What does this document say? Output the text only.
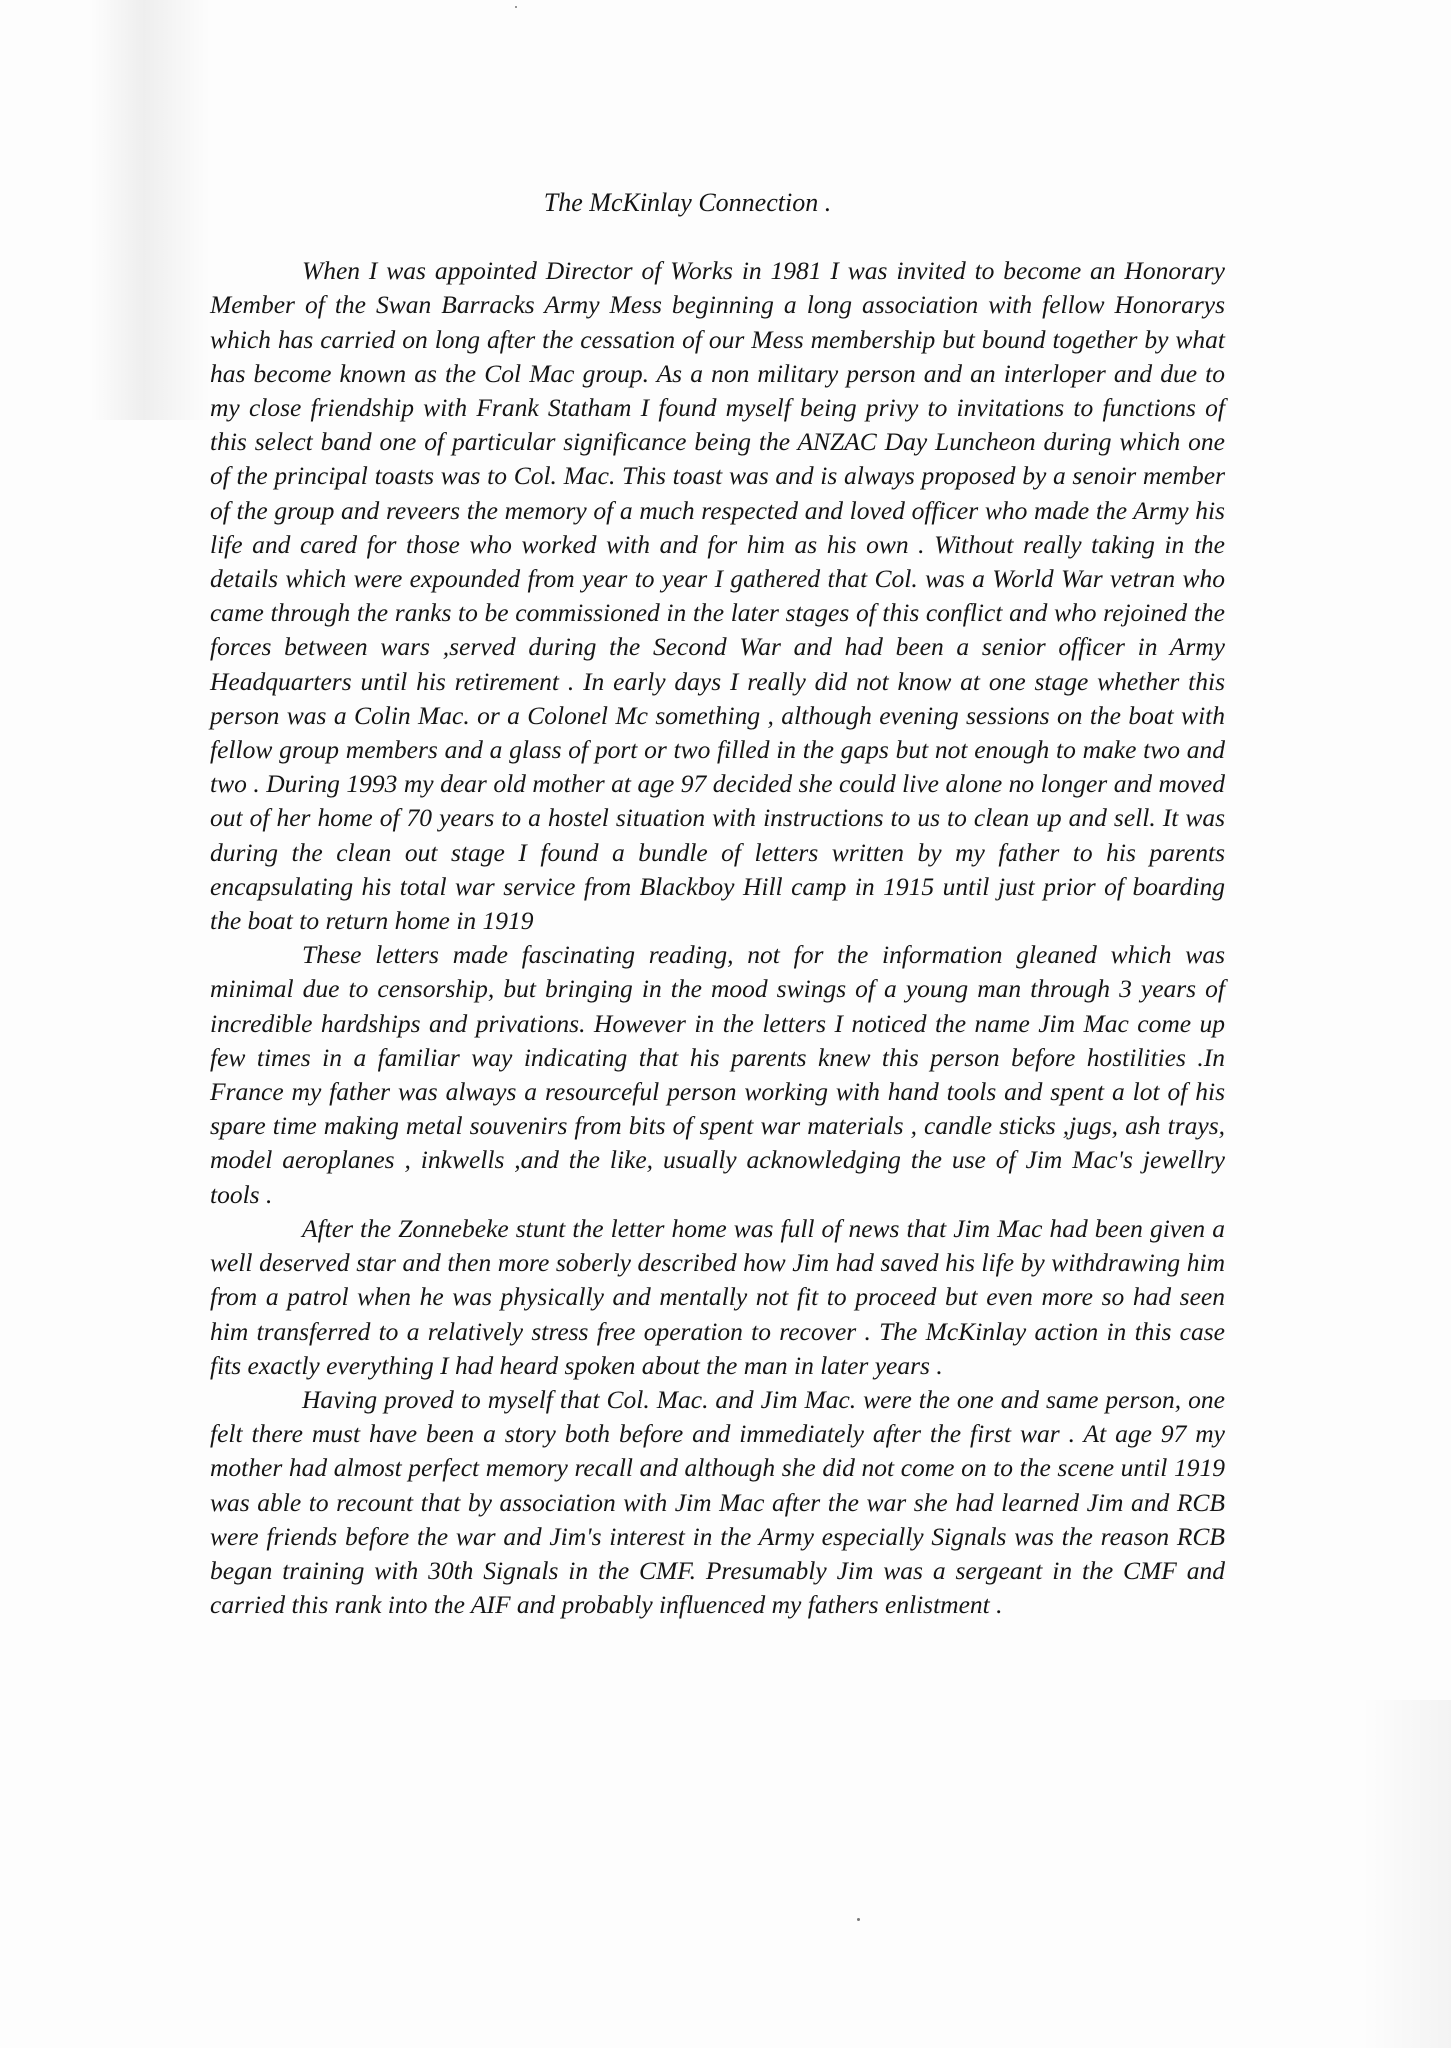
The McKinlay Connection .

When I was appointed Director of Works in 1981 I was invited to become an Honorary Member of the Swan Barracks Army Mess beginning a long association with fellow Honorarys which has carried on long after the cessation of our Mess membership but bound together by what has become known as the Col Mac group. As a non military person and an interloper and due to my close friendship with Frank Statham I found myself being privy to invitations to functions of this select band one of particular significance being the ANZAC Day Luncheon during which one of the principal toasts was to Col. Mac. This toast was and is always proposed by a senoir member of the group and reveers the memory of a much respected and loved officer who made the Army his life and cared for those who worked with and for him as his own . Without really taking in the details which were expounded from year to year I gathered that Col. was a World War vetran who came through the ranks to be commissioned in the later stages of this conflict and who rejoined the forces between wars ,served during the Second War and had been a senior officer in Army Headquarters until his retirement . In early days I really did not know at one stage whether this person was a Colin Mac. or a Colonel Mc something , although evening sessions on the boat with fellow group members and a glass of port or two filled in the gaps but not enough to make two and two . During 1993 my dear old mother at age 97 decided she could live alone no longer and moved out of her home of 70 years to a hostel situation with instructions to us to clean up and sell. It was during the clean out stage I found a bundle of letters written by my father to his parents encapsulating his total war service from Blackboy Hill camp in 1915 until just prior of boarding the boat to return home in 1919

These letters made fascinating reading, not for the information gleaned which was minimal due to censorship, but bringing in the mood swings of a young man through 3 years of incredible hardships and privations. However in the letters I noticed the name Jim Mac come up few times in a familiar way indicating that his parents knew this person before hostilities .In France my father was always a resourceful person working with hand tools and spent a lot of his spare time making metal souvenirs from bits of spent war materials , candle sticks ,jugs, ash trays, model aeroplanes , inkwells ,and the like, usually acknowledging the use of Jim Mac's jewellry tools .

After the Zonnebeke stunt the letter home was full of news that Jim Mac had been given a well deserved star and then more soberly described how Jim had saved his life by withdrawing him from a patrol when he was physically and mentally not fit to proceed but even more so had seen him transferred to a relatively stress free operation to recover . The McKinlay action in this case fits exactly everything I had heard spoken about the man in later years .

Having proved to myself that Col. Mac. and Jim Mac. were the one and same person, one felt there must have been a story both before and immediately after the first war . At age 97 my mother had almost perfect memory recall and although she did not come on to the scene until 1919 was able to recount that by association with Jim Mac after the war she had learned Jim and RCB were friends before the war and Jim's interest in the Army especially Signals was the reason RCB began training with 30th Signals in the CMF. Presumably Jim was a sergeant in the CMF and carried this rank into the AIF and probably influenced my fathers enlistment .
